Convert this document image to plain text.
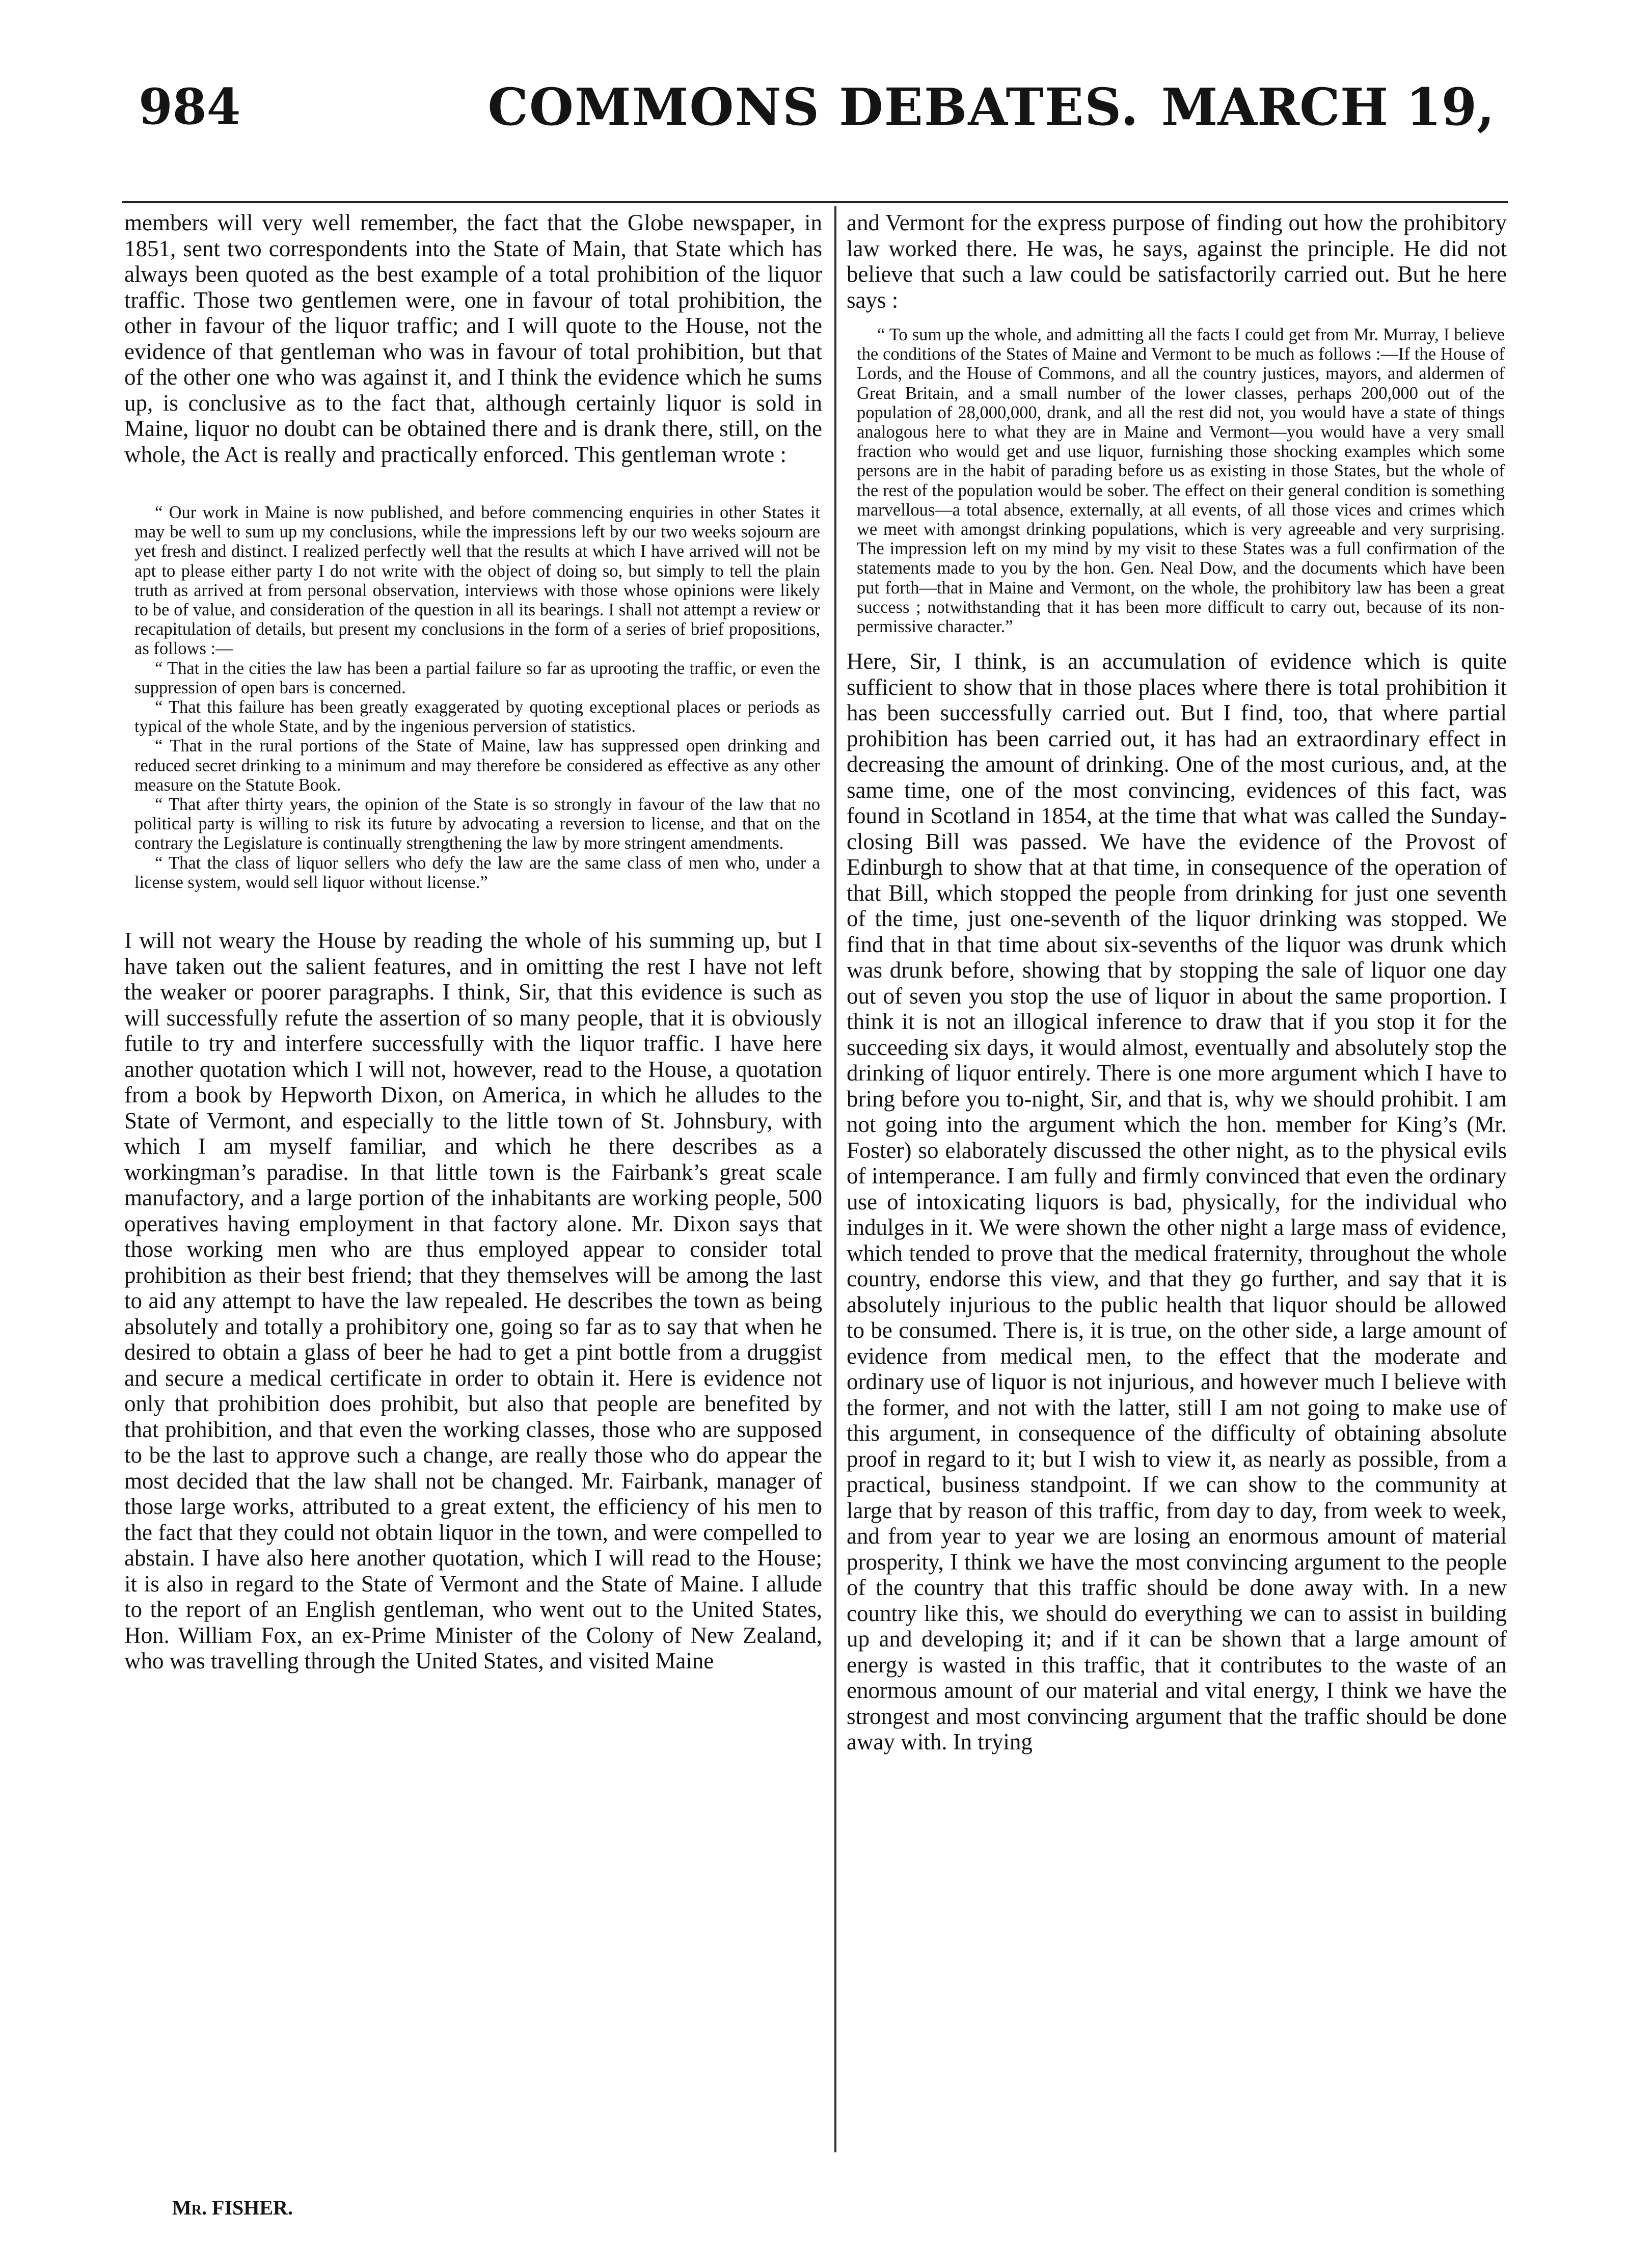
984	COMMONS DEBATES. MARCH 19,

members will very well remember, the fact that the Globe newspaper, in 1851, sent two correspondents into the State of Main, that State which has always been quoted as the best example of a total prohibition of the liquor traffic. Those two gentlemen were, one in favour of total prohibition, the other in favour of the liquor traffic; and I will quote to the House, not the evidence of that gentleman who was in favour of total prohibition, but that of the other one who was against it, and I think the evidence which he sums up, is conclusive as to the fact that, although certainly liquor is sold in Maine, liquor no doubt can be obtained there and is drank there, still, on the whole, the Act is really and practically enforced. This gentleman wrote :

“ Our work in Maine is now published, and before commencing enquiries in other States it may be well to sum up my conclusions, while the impressions left by our two weeks sojourn are yet fresh and distinct. I realized perfectly well that the results at which I have arrived will not be apt to please either party I do not write with the object of doing so, but simply to tell the plain truth as arrived at from personal observation, interviews with those whose opinions were likely to be of value, and consideration of the question in all its bearings. I shall not attempt a review or recapitulation of details, but present my conclusions in the form of a series of brief propositions, as follows :—

“ That in the cities the law has been a partial failure so far as uprooting the traffic, or even the suppression of open bars is concerned.

“ That this failure has been greatly exaggerated by quoting exceptional places or periods as typical of the whole State, and by the ingenious perversion of statistics.

“ That in the rural portions of the State of Maine, law has suppressed open drinking and reduced secret drinking to a minimum and may therefore be considered as effective as any other measure on the Statute Book.

“ That after thirty years, the opinion of the State is so strongly in favour of the law that no political party is willing to risk its future by advocating a reversion to license, and that on the contrary the Legislature is continually strengthening the law by more stringent amendments.

“ That the class of liquor sellers who defy the law are the same class of men who, under a license system, would sell liquor without license.”

I will not weary the House by reading the whole of his summing up, but I have taken out the salient features, and in omitting the rest I have not left the weaker or poorer paragraphs. I think, Sir, that this evidence is such as will successfully refute the assertion of so many people, that it is obviously futile to try and interfere successfully with the liquor traffic. I have here another quotation which I will not, however, read to the House, a quotation from a book by Hepworth Dixon, on America, in which he alludes to the State of Vermont, and especially to the little town of St. Johnsbury, with which I am myself familiar, and which he there describes as a workingman’s paradise. In that little town is the Fairbank’s great scale manufactory, and a large portion of the inhabitants are working people, 500 operatives having employment in that factory alone. Mr. Dixon says that those working men who are thus employed appear to consider total prohibition as their best friend; that they themselves will be among the last to aid any attempt to have the law repealed. He describes the town as being absolutely and totally a prohibitory one, going so far as to say that when he desired to obtain a glass of beer he had to get a pint bottle from a druggist and secure a medical certificate in order to obtain it. Here is evidence not only that prohibition does prohibit, but also that people are benefited by that prohibition, and that even the working classes, those who are supposed to be the last to approve such a change, are really those who do appear the most decided that the law shall not be changed. Mr. Fairbank, manager of those large works, attributed to a great extent, the efficiency of his men to the fact that they could not obtain liquor in the town, and were compelled to abstain. I have also here another quotation, which I will read to the House; it is also in regard to the State of Vermont and the State of Maine. I allude to the report of an English gentleman, who went out to the United States, Hon. William Fox, an ex-Prime Minister of the Colony of New Zealand, who was travelling through the United States, and visited Maine

and Vermont for the express purpose of finding out how the prohibitory law worked there. He was, he says, against the principle. He did not believe that such a law could be satisfactorily carried out. But he here says :

“ To sum up the whole, and admitting all the facts I could get from Mr. Murray, I believe the conditions of the States of Maine and Vermont to be much as follows :—If the House of Lords, and the House of Commons, and all the country justices, mayors, and aldermen of Great Britain, and a small number of the lower classes, perhaps 200,000 out of the population of 28,000,000, drank, and all the rest did not, you would have a state of things analogous here to what they are in Maine and Vermont—you would have a very small fraction who would get and use liquor, furnishing those shocking examples which some persons are in the habit of parading before us as existing in those States, but the whole of the rest of the population would be sober. The effect on their general condition is something marvellous—a total absence, externally, at all events, of all those vices and crimes which we meet with amongst drinking populations, which is very agreeable and very surprising. The impression left on my mind by my visit to these States was a full confirmation of the statements made to you by the hon. Gen. Neal Dow, and the documents which have been put forth—that in Maine and Vermont, on the whole, the prohibitory law has been a great success ; notwithstanding that it has been more difficult to carry out, because of its non-permissive character.”

Here, Sir, I think, is an accumulation of evidence which is quite sufficient to show that in those places where there is total prohibition it has been successfully carried out. But I find, too, that where partial prohibition has been carried out, it has had an extraordinary effect in decreasing the amount of drinking. One of the most curious, and, at the same time, one of the most convincing, evidences of this fact, was found in Scotland in 1854, at the time that what was called the Sunday-closing Bill was passed. We have the evidence of the Provost of Edinburgh to show that at that time, in consequence of the operation of that Bill, which stopped the people from drinking for just one seventh of the time, just one-seventh of the liquor drinking was stopped. We find that in that time about six-sevenths of the liquor was drunk which was drunk before, showing that by stopping the sale of liquor one day out of seven you stop the use of liquor in about the same proportion. I think it is not an illogical inference to draw that if you stop it for the succeeding six days, it would almost, eventually and absolutely stop the drinking of liquor entirely. There is one more argument which I have to bring before you to-night, Sir, and that is, why we should prohibit. I am not going into the argument which the hon. member for King’s (Mr. Foster) so elaborately discussed the other night, as to the physical evils of intemperance. I am fully and firmly convinced that even the ordinary use of intoxicating liquors is bad, physically, for the individual who indulges in it. We were shown the other night a large mass of evidence, which tended to prove that the medical fraternity, throughout the whole country, endorse this view, and that they go further, and say that it is absolutely injurious to the public health that liquor should be allowed to be consumed. There is, it is true, on the other side, a large amount of evidence from medical men, to the effect that the moderate and ordinary use of liquor is not injurious, and however much I believe with the former, and not with the latter, still I am not going to make use of this argument, in consequence of the difficulty of obtaining absolute proof in regard to it; but I wish to view it, as nearly as possible, from a practical, business standpoint. If we can show to the community at large that by reason of this traffic, from day to day, from week to week, and from year to year we are losing an enormous amount of material prosperity, I think we have the most convincing argument to the people of the country that this traffic should be done away with. In a new country like this, we should do everything we can to assist in building up and developing it; and if it can be shown that a large amount of energy is wasted in this traffic, that it contributes to the waste of an enormous amount of our material and vital energy, I think we have the strongest and most convincing argument that the traffic should be done away with. In trying

Mr. FISHER.
